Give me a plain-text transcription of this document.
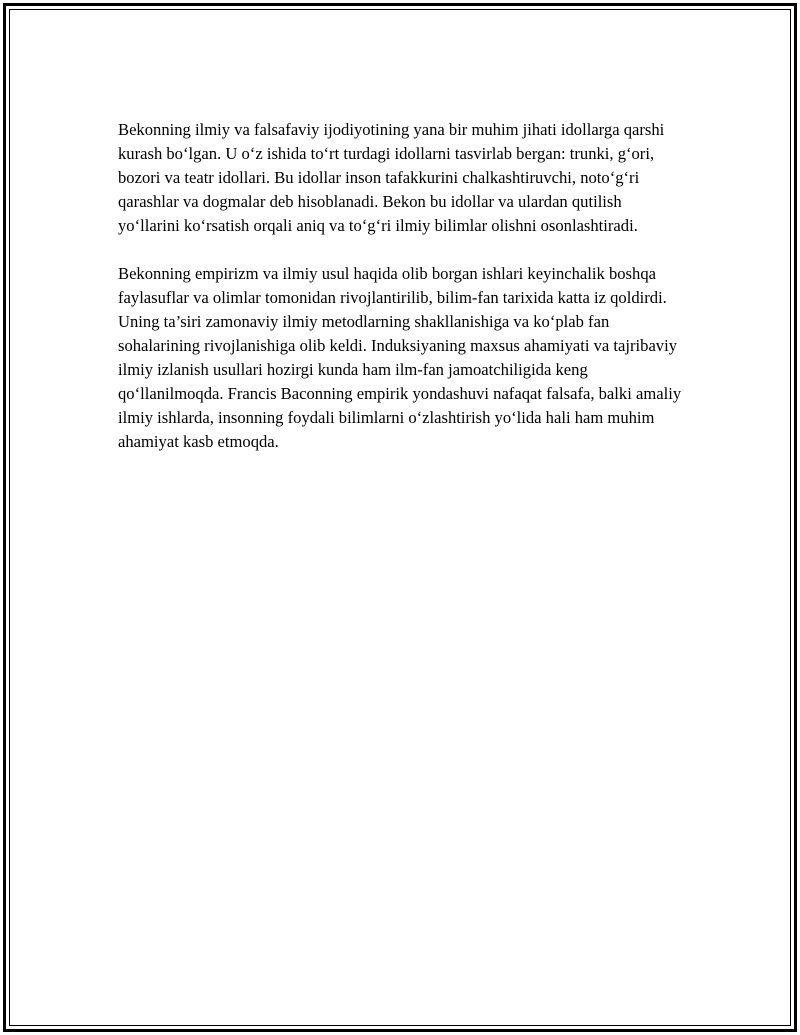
Bekonning ilmiy va falsafaviy ijodiyotining yana bir muhim jihati idollarga qarshi kurash bo‘lgan. U o‘z ishida to‘rt turdagi idollarni tasvirlab bergan: trunki, g‘ori, bozori va teatr idollari. Bu idollar inson tafakkurini chalkashtiruvchi, noto‘g‘ri qarashlar va dogmalar deb hisoblanadi. Bekon bu idollar va ulardan qutilish yo‘llarini ko‘rsatish orqali aniq va to‘g‘ri ilmiy bilimlar olishni osonlashtiradi.

Bekonning empirizm va ilmiy usul haqida olib borgan ishlari keyinchalik boshqa faylasuflar va olimlar tomonidan rivojlantirilib, bilim-fan tarixida katta iz qoldirdi. Uning ta’siri zamonaviy ilmiy metodlarning shakllanishiga va ko‘plab fan sohalarining rivojlanishiga olib keldi. Induksiyaning maxsus ahamiyati va tajribaviy ilmiy izlanish usullari hozirgi kunda ham ilm-fan jamoatchiligida keng qo‘llanilmoqda. Francis Baconning empirik yondashuvi nafaqat falsafa, balki amaliy ilmiy ishlarda, insonning foydali bilimlarni o‘zlashtirish yo‘lida hali ham muhim ahamiyat kasb etmoqda.
